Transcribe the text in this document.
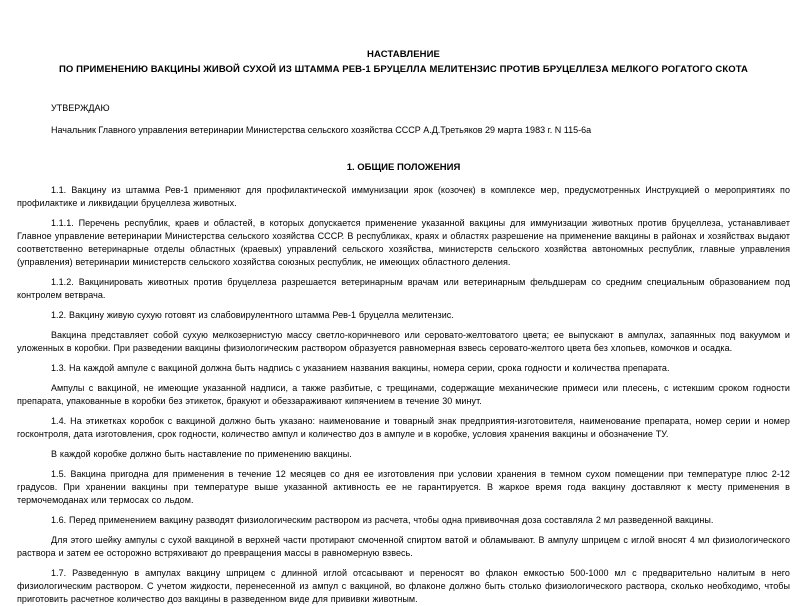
НАСТАВЛЕНИЕ
ПО ПРИМЕНЕНИЮ ВАКЦИНЫ ЖИВОЙ СУХОЙ ИЗ ШТАММА РЕВ-1 БРУЦЕЛЛА МЕЛИТЕНЗИС ПРОТИВ БРУЦЕЛЛЕЗА МЕЛКОГО РОГАТОГО СКОТА

УТВЕРЖДАЮ

Начальник Главного управления ветеринарии Министерства сельского хозяйства СССР А.Д.Третьяков 29 марта 1983 г. N 115-6а

1. ОБЩИЕ ПОЛОЖЕНИЯ

1.1. Вакцину из штамма Рев-1 применяют для профилактической иммунизации ярок (козочек) в комплексе мер, предусмотренных Инструкцией о мероприятиях по профилактике и ликвидации бруцеллеза животных.

1.1.1. Перечень республик, краев и областей, в которых допускается применение указанной вакцины для иммунизации животных против бруцеллеза, устанавливает Главное управление ветеринарии Министерства сельского хозяйства СССР. В республиках, краях и областях разрешение на применение вакцины в районах и хозяйствах выдают соответственно ветеринарные отделы областных (краевых) управлений сельского хозяйства, министерств сельского хозяйства автономных республик, главные управления (управления) ветеринарии министерств сельского хозяйства союзных республик, не имеющих областного деления.

1.1.2. Вакцинировать животных против бруцеллеза разрешается ветеринарным врачам или ветеринарным фельдшерам со средним специальным образованием под контролем ветврача.

1.2. Вакцину живую сухую готовят из слабовирулентного штамма Рев-1 бруцелла мелитензис.

Вакцина представляет собой сухую мелкозернистую массу светло-коричневого или серовато-желтоватого цвета; ее выпускают в ампулах, запаянных под вакуумом и уложенных в коробки. При разведении вакцины физиологическим раствором образуется равномерная взвесь серовато-желтого цвета без хлопьев, комочков и осадка.

1.3. На каждой ампуле с вакциной должна быть надпись с указанием названия вакцины, номера серии, срока годности и количества препарата.

Ампулы с вакциной, не имеющие указанной надписи, а также разбитые, с трещинами, содержащие механические примеси или плесень, с истекшим сроком годности препарата, упакованные в коробки без этикеток, бракуют и обеззараживают кипячением в течение 30 минут.

1.4. На этикетках коробок с вакциной должно быть указано: наименование и товарный знак предприятия-изготовителя, наименование препарата, номер серии и номер госконтроля, дата изготовления, срок годности, количество ампул и количество доз в ампуле и в коробке, условия хранения вакцины и обозначение ТУ.

В каждой коробке должно быть наставление по применению вакцины.

1.5. Вакцина пригодна для применения в течение 12 месяцев со дня ее изготовления при условии хранения в темном сухом помещении при температуре плюс 2-12 градусов. При хранении вакцины при температуре выше указанной активность ее не гарантируется. В жаркое время года вакцину доставляют к месту применения в термочемоданах или термосах со льдом.

1.6. Перед применением вакцину разводят физиологическим раствором из расчета, чтобы одна прививочная доза составляла 2 мл разведенной вакцины.

Для этого шейку ампулы с сухой вакциной в верхней части протирают смоченной спиртом ватой и обламывают. В ампулу шприцем с иглой вносят 4 мл физиологического раствора и затем ее осторожно встряхивают до превращения массы в равномерную взвесь.

1.7. Разведенную в ампулах вакцину шприцем с длинной иглой отсасывают и переносят во флакон емкостью 500-1000 мл с предварительно налитым в него физиологическим раствором. С учетом жидкости, перенесенной из ампул с вакциной, во флаконе должно быть столько физиологического раствора, сколько необходимо, чтобы приготовить расчетное количество доз вакцины в разведенном виде для прививки животным.
